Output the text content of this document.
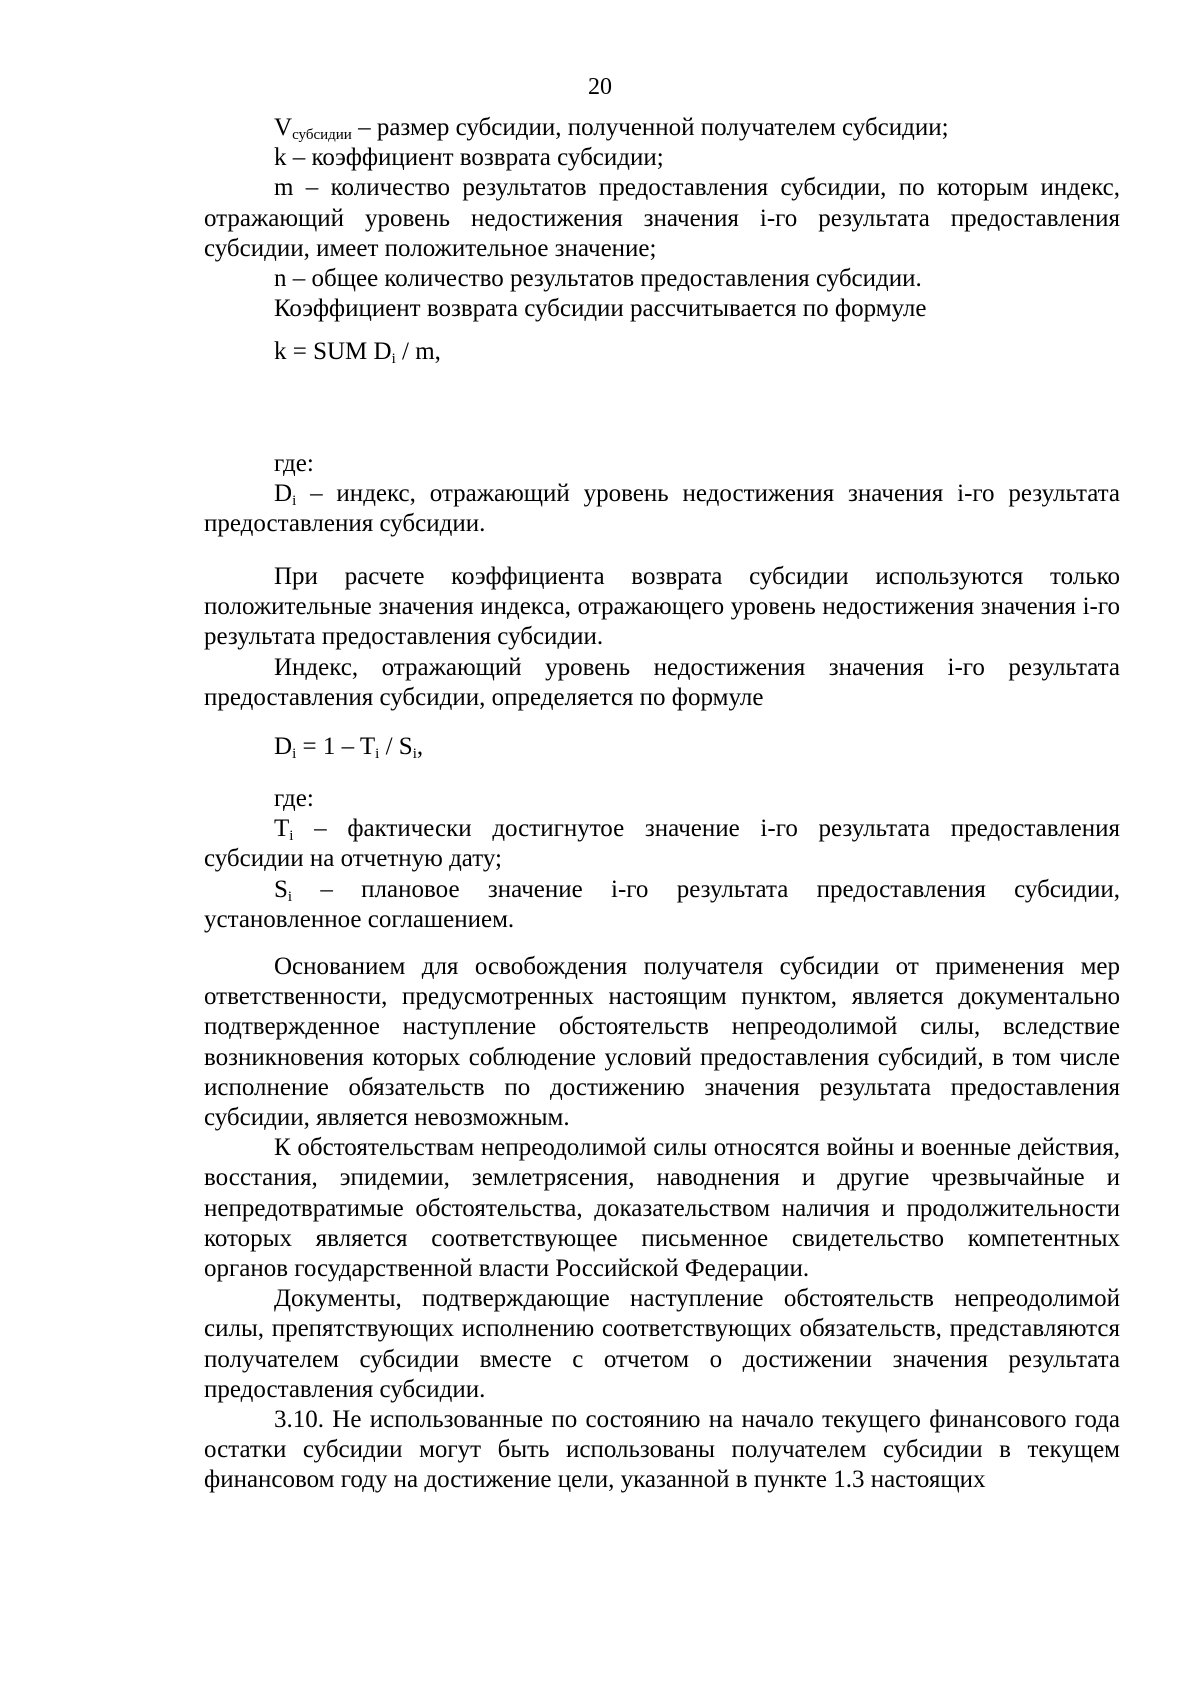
20

$V_{субсидии}$ – размер субсидии, полученной получателем субсидии;

k – коэффициент возврата субсидии;

m – количество результатов предоставления субсидии, по которым индекс, отражающий уровень недостижения значения i-го результата предоставления субсидии, имеет положительное значение;

n – общее количество результатов предоставления субсидии.

Коэффициент возврата субсидии рассчитывается по формуле

k = SUM $D_i$ / m,

где:

$D_i$ – индекс, отражающий уровень недостижения значения i-го результата предоставления субсидии.

При расчете коэффициента возврата субсидии используются только положительные значения индекса, отражающего уровень недостижения значения i-го результата предоставления субсидии.

Индекс, отражающий уровень недостижения значения i-го результата предоставления субсидии, определяется по формуле

$D_i = 1 - T_i / S_i$,

где:

$T_i$ – фактически достигнутое значение i-го результата предоставления субсидии на отчетную дату;

$S_i$ – плановое значение i-го результата предоставления субсидии, установленное соглашением.

Основанием для освобождения получателя субсидии от применения мер ответственности, предусмотренных настоящим пунктом, является документально подтвержденное наступление обстоятельств непреодолимой силы, вследствие возникновения которых соблюдение условий предоставления субсидий, в том числе исполнение обязательств по достижению значения результата предоставления субсидии, является невозможным.

К обстоятельствам непреодолимой силы относятся войны и военные действия, восстания, эпидемии, землетрясения, наводнения и другие чрезвычайные и непредотвратимые обстоятельства, доказательством наличия и продолжительности которых является соответствующее письменное свидетельство компетентных органов государственной власти Российской Федерации.

Документы, подтверждающие наступление обстоятельств непреодолимой силы, препятствующих исполнению соответствующих обязательств, представляются получателем субсидии вместе с отчетом о достижении значения результата предоставления субсидии.

3.10. Не использованные по состоянию на начало текущего финансового года остатки субсидии могут быть использованы получателем субсидии в текущем финансовом году на достижение цели, указанной в пункте 1.3 настоящих
